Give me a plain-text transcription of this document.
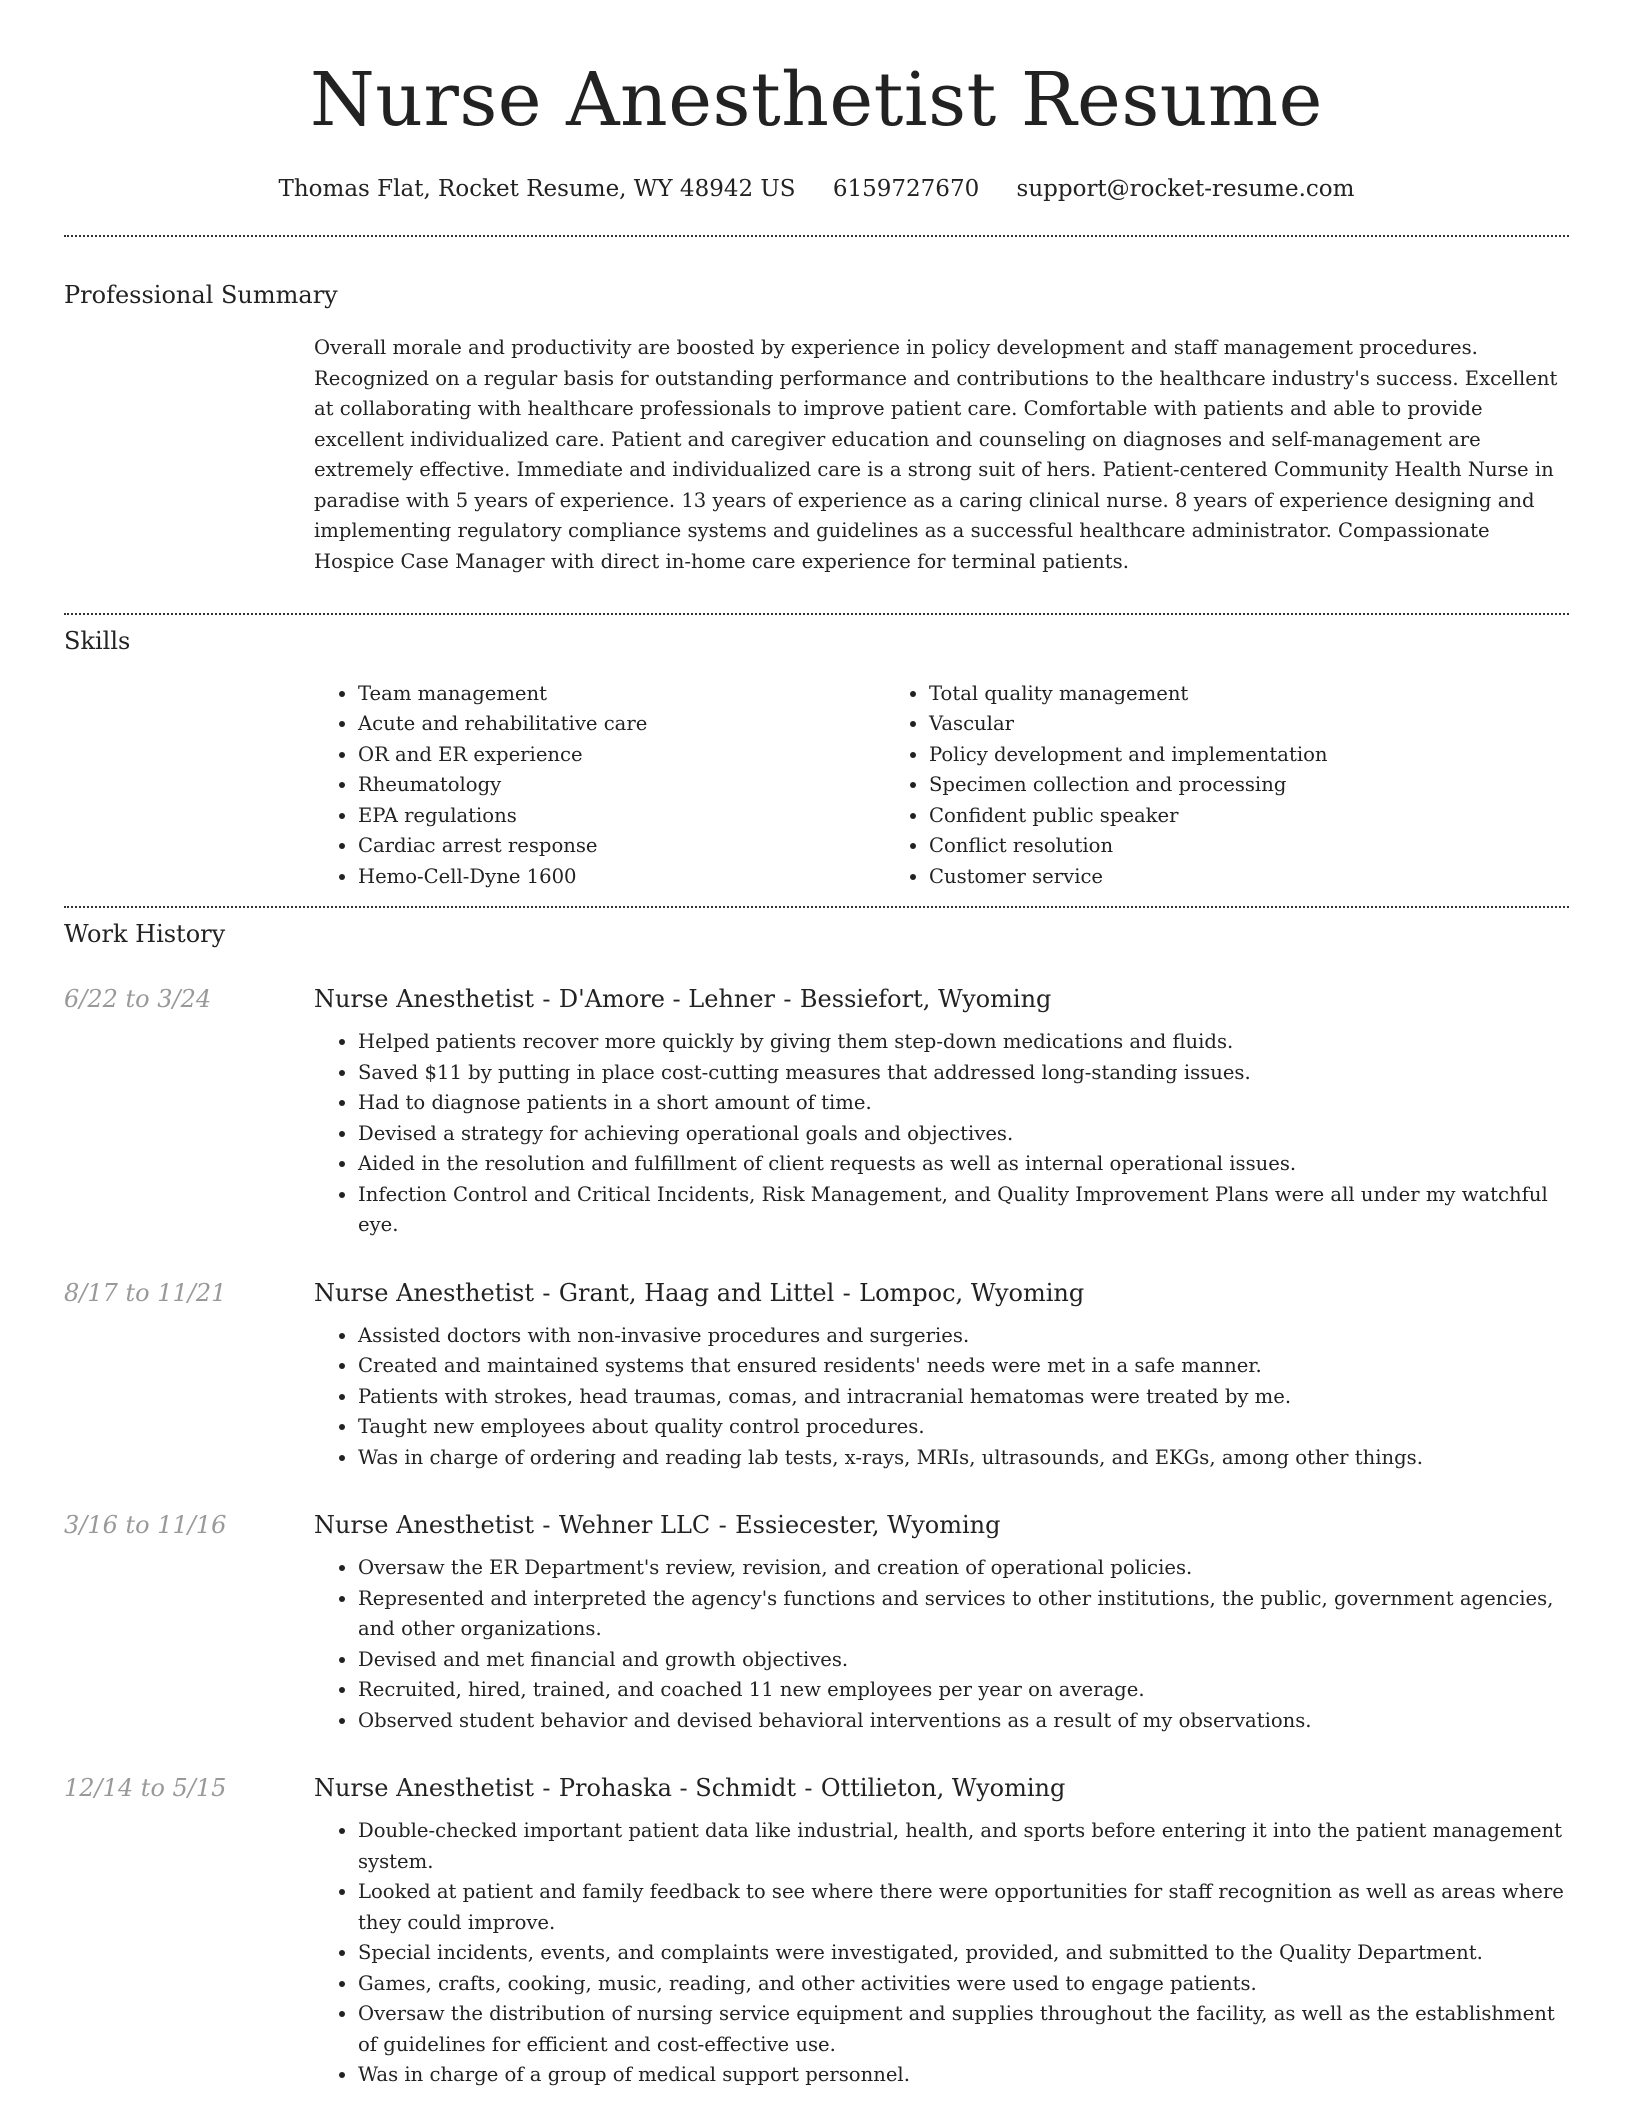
Nurse Anesthetist Resume
Thomas Flat, Rocket Resume, WY 48942 US 6159727670 support@rocket-resume.com
Professional Summary

Overall morale and productivity are boosted by experience in policy development and staff management procedures. Recognized on a regular basis for outstanding performance and contributions to the healthcare industry's success. Excellent at collaborating with healthcare professionals to improve patient care. Comfortable with patients and able to provide excellent individualized care. Patient and caregiver education and counseling on diagnoses and self-management are extremely effective. Immediate and individualized care is a strong suit of hers. Patient-centered Community Health Nurse in paradise with 5 years of experience. 13 years of experience as a caring clinical nurse. 8 years of experience designing and implementing regulatory compliance systems and guidelines as a successful healthcare administrator. Compassionate Hospice Case Manager with direct in-home care experience for terminal patients.

Skills
• Team management
• Acute and rehabilitative care
• OR and ER experience
• Rheumatology
• EPA regulations
• Cardiac arrest response
• Hemo-Cell-Dyne 1600
• Total quality management
• Vascular
• Policy development and implementation
• Specimen collection and processing
• Confident public speaker
• Conflict resolution
• Customer service
Work History
6/22 to 3/24	Nurse Anesthetist - D'Amore - Lehner - Bessiefort, Wyoming
• Helped patients recover more quickly by giving them step-down medications and fluids.
• Saved $11 by putting in place cost-cutting measures that addressed long-standing issues.
• Had to diagnose patients in a short amount of time.
• Devised a strategy for achieving operational goals and objectives.
• Aided in the resolution and fulfillment of client requests as well as internal operational issues.
• Infection Control and Critical Incidents, Risk Management, and Quality Improvement Plans were all under my watchful eye.
8/17 to 11/21	Nurse Anesthetist - Grant, Haag and Littel - Lompoc, Wyoming
• Assisted doctors with non-invasive procedures and surgeries.
• Created and maintained systems that ensured residents' needs were met in a safe manner.
• Patients with strokes, head traumas, comas, and intracranial hematomas were treated by me.
• Taught new employees about quality control procedures.
• Was in charge of ordering and reading lab tests, x-rays, MRIs, ultrasounds, and EKGs, among other things.
3/16 to 11/16	Nurse Anesthetist - Wehner LLC - Essiecester, Wyoming
• Oversaw the ER Department's review, revision, and creation of operational policies.
• Represented and interpreted the agency's functions and services to other institutions, the public, government agencies, and other organizations.
• Devised and met financial and growth objectives.
• Recruited, hired, trained, and coached 11 new employees per year on average.
• Observed student behavior and devised behavioral interventions as a result of my observations.
12/14 to 5/15	Nurse Anesthetist - Prohaska - Schmidt - Ottilieton, Wyoming
• Double-checked important patient data like industrial, health, and sports before entering it into the patient management system.
• Looked at patient and family feedback to see where there were opportunities for staff recognition as well as areas where they could improve.
• Special incidents, events, and complaints were investigated, provided, and submitted to the Quality Department.
• Games, crafts, cooking, music, reading, and other activities were used to engage patients.
• Oversaw the distribution of nursing service equipment and supplies throughout the facility, as well as the establishment of guidelines for efficient and cost-effective use.
• Was in charge of a group of medical support personnel.
